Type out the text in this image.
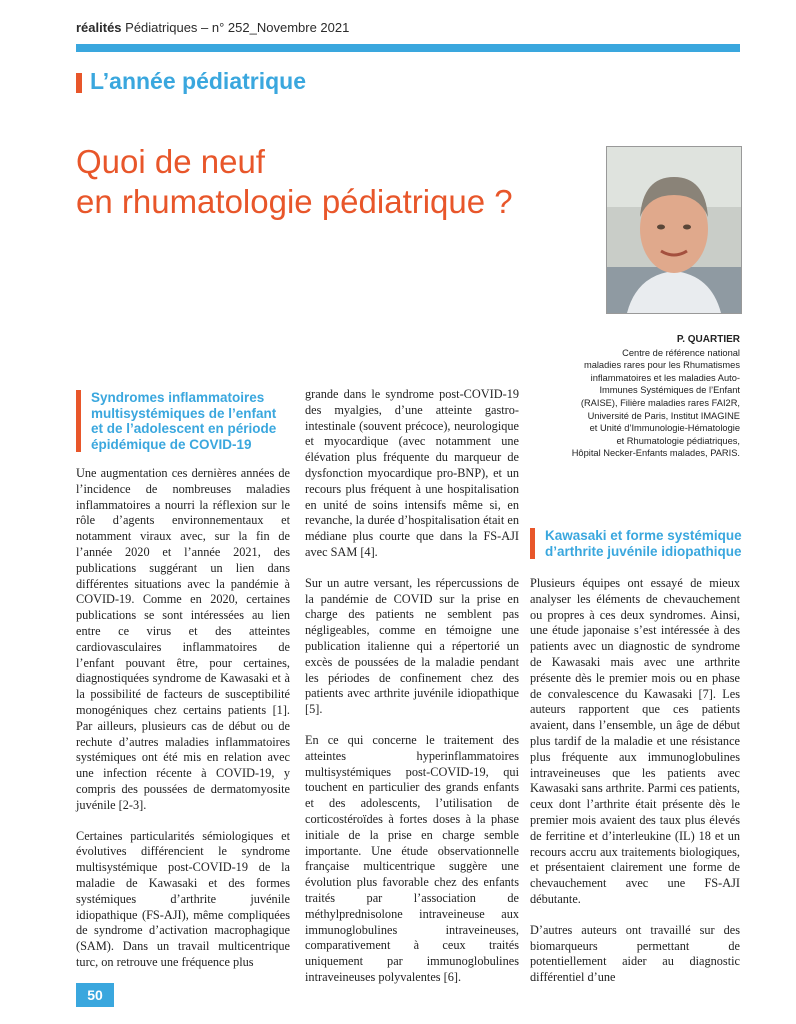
réalités Pédiatriques – n° 252_Novembre 2021
L’année pédiatrique
Quoi de neuf
en rhumatologie pédiatrique ?
P. QUARTIER
Centre de référence national
maladies rares pour les Rhumatismes
inflammatoires et les maladies Auto-
Immunes Systémiques de l’Enfant
(RAISE), Filière maladies rares FAI2R,
Université de Paris, Institut IMAGINE
et Unité d’Immunologie-Hématologie
et Rhumatologie pédiatriques,
Hôpital Necker-Enfants malades, PARIS.
Syndromes inflammatoires multisystémiques de l’enfant et de l’adolescent en période épidémique de COVID-19
Kawasaki et forme systémique d’arthrite juvénile idiopathique

Une augmentation ces dernières années de l’incidence de nombreuses maladies inflammatoires a nourri la réflexion sur le rôle d’agents environnementaux et notamment viraux avec, sur la fin de l’année 2020 et l’année 2021, des publications suggérant un lien dans différentes situations avec la pandémie à COVID-19. Comme en 2020, certaines publications se sont intéressées au lien entre ce virus et des atteintes cardiovasculaires inflammatoires de l’enfant pouvant être, pour certaines, diagnostiquées syndrome de Kawasaki et à la possibilité de facteurs de susceptibilité monogéniques chez certains patients [1]. Par ailleurs, plusieurs cas de début ou de rechute d’autres maladies inflammatoires systémiques ont été mis en relation avec une infection récente à COVID-19, y compris des poussées de dermatomyosite juvénile [2-3].

Certaines particularités sémiologiques et évolutives différencient le syndrome multisystémique post-COVID-19 de la maladie de Kawasaki et des formes systémiques d’arthrite juvénile idiopathique (FS-AJI), même compliquées de syndrome d’activation macrophagique (SAM). Dans un travail multicentrique turc, on retrouve une fréquence plus

grande dans le syndrome post-COVID-19 des myalgies, d’une atteinte gastro-intestinale (souvent précoce), neurologique et myocardique (avec notamment une élévation plus fréquente du marqueur de dysfonction myocardique pro-BNP), et un recours plus fréquent à une hospitalisation en unité de soins intensifs même si, en revanche, la durée d’hospitalisation était en médiane plus courte que dans la FS-AJI avec SAM [4].

Sur un autre versant, les répercussions de la pandémie de COVID sur la prise en charge des patients ne semblent pas négligeables, comme en témoigne une publication italienne qui a répertorié un excès de poussées de la maladie pendant les périodes de confinement chez des patients avec arthrite juvénile idiopathique [5].

En ce qui concerne le traitement des atteintes hyperinflammatoires multisystémiques post-COVID-19, qui touchent en particulier des grands enfants et des adolescents, l’utilisation de corticostéroïdes à fortes doses à la phase initiale de la prise en charge semble importante. Une étude observationnelle française multicentrique suggère une évolution plus favorable chez des enfants traités par l’association de méthylprednisolone intraveineuse aux immunoglobulines intraveineuses, comparativement à ceux traités uniquement par immunoglobulines intraveineuses polyvalentes [6].

Plusieurs équipes ont essayé de mieux analyser les éléments de chevauchement ou propres à ces deux syndromes. Ainsi, une étude japonaise s’est intéressée à des patients avec un diagnostic de syndrome de Kawasaki mais avec une arthrite présente dès le premier mois ou en phase de convalescence du Kawasaki [7]. Les auteurs rapportent que ces patients avaient, dans l’ensemble, un âge de début plus tardif de la maladie et une résistance plus fréquente aux immunoglobulines intraveineuses que les patients avec Kawasaki sans arthrite. Parmi ces patients, ceux dont l’arthrite était présente dès le premier mois avaient des taux plus élevés de ferritine et d’interleukine (IL) 18 et un recours accru aux traitements biologiques, et présentaient clairement une forme de chevauchement avec une FS-AJI débutante.

D’autres auteurs ont travaillé sur des biomarqueurs permettant de potentiellement aider au diagnostic différentiel d’une

50
